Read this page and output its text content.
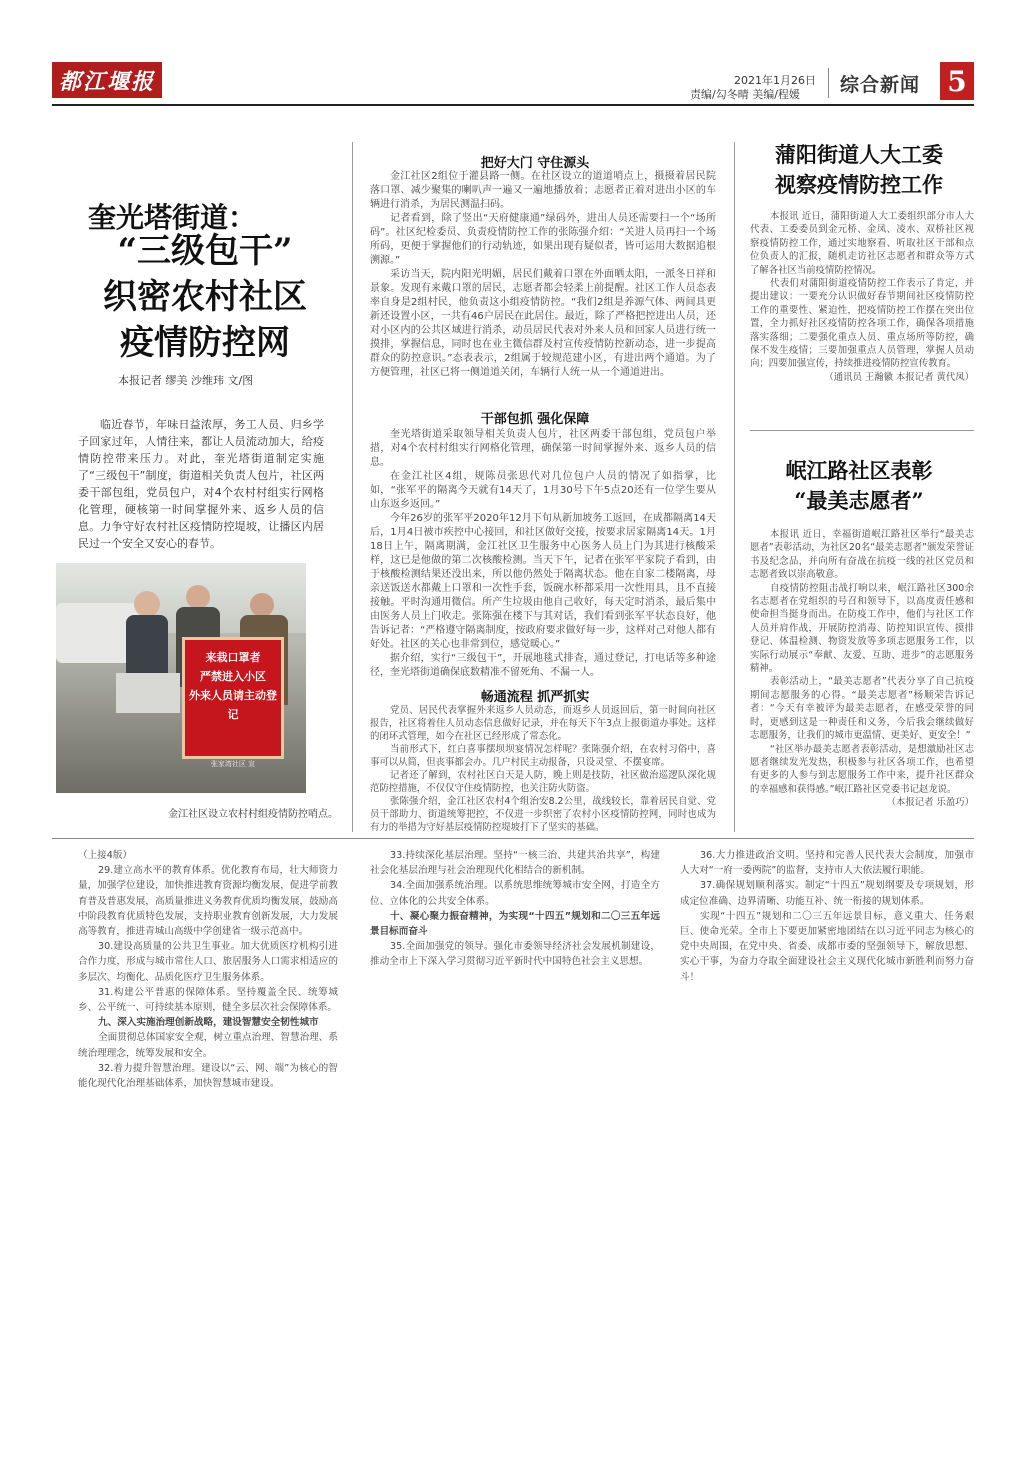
都江堰报	2021年1月26日
责编/勾冬晴 美编/程媛 综合新闻 5
奎光塔街道：
“三级包干”
织密农村社区
疫情防控网
本报记者 缪美 沙维玮 文/图
临近春节，年味日益浓厚，务工人员、归乡学子回家过年，人情往来，都让人员流动加大，给疫情防控带来压力。对此，奎光塔街道制定实施了“三级包干”制度，街道相关负责人包片，社区两委干部包组，党员包户，对4个农村村组实行网格化管理，硬核第一时间掌握外来、返乡人员的信息。力争守好农村社区疫情防控堤坡，让播区内居民过一个安全又安心的春节。
来栽口罩者
严禁进入小区
外来人员请主动登记
张家湾社区 宣
金江社区设立农村村组疫情防控哨点。
把好大门 守住源头

金江社区2组位于灌县路一侧。在社区设立的道道哨点上，摄摄着居民院落口罩、减少聚集的喇叭声一遍又一遍地播放着；志愿者正着对进出小区的车辆进行消杀，为居民测温扫码。

记者看到，除了竖出“天府健康通”绿码外，进出人员还需要扫一个“场所码”。社区纪检委员、负责疫情防控工作的张陈强介绍：“关进人员再扫一个场所码，更便于掌握他们的行动轨迹，如果出现有疑似者，皆可运用大数据追根溯源。”

采访当天，院内阳光明媚，居民们戴着口罩在外面晒太阳，一派冬日祥和景象。发现有来戴口罩的居民，志愿者都会轻柔上前提醒。社区工作人员态表率自身是2组村民，他负责这小组疫情防控。“我们2组是养源气体、两间具更新还设置小区，一共有46户居民在此居住。最近，除了严格把控进出人员，还对小区内的公共区域进行消杀，动员居民代表对外来人员和回家人员进行统一摸排，掌握信息，同时也在业主微信群及村宣传疫情防控新动态，进一步提高群众的防控意识。”态表表示，2组属于较规范建小区，有进出两个通道。为了方便管理，社区已将一侧道道关闭，车辆行人统一从一个通道进出。

干部包抓 强化保障

奎光塔街道采取领导相关负责人包片，社区两委干部包组，党员包户举措，对4个农村村组实行网格化管理，确保第一时间掌握外来、返乡人员的信息。

在金江社区4组，规陈员张思代对几位包户人员的情况了如指掌，比如，“张军平的隔离今天就有14天了，1月30号下午5点20还有一位学生要从山东返乡返回。”

今年26岁的张军平2020年12月下旬从新加坡务工返回，在成都隔离14天后，1月4日被市疾控中心接回，和社区做好交接，按要求居家隔离14天。1月18日上午，隔离期满，金江社区卫生服务中心医务人员上门为其进行核酸采样，这已是他做的第二次核酸检测。当天下午，记者在张军平家院子看到，由于核酸检测结果还没出来，所以他仍然处于隔离状态。他在自家二楼隔离，母亲送饭送水都戴上口罩和一次性手套，饭碗水杯都采用一次性用具，且不直接接触。平时沟通用微信。所产生垃圾由他自己收好，每天定时消杀，最后集中由医务人员上门收走。张陈强在楼下与其对话，我们看到张军平状态良好，他告诉记者：“严格遵守隔离制度，按政府要求做好每一步，这样对己对他人都有好处。社区的关心也非常到位，感觉暖心。”

据介绍，实行“三级包干”，开展地毯式排查，通过登记，打电话等多种途径，奎光塔街道确保底数精准不留死角、不漏一人。

畅通流程 抓严抓实

党员、居民代表掌握外来返乡人员动态，而返乡人员返回后，第一时间向社区报告，社区将着住人员动态信息做好记录，并在每天下午3点上报街道办事处。这样的闭环式管理，如今在社区已经形成了常态化。

当前形式下，红白喜事摆坝坝宴情况怎样呢？张陈强介绍，在农村习俗中，喜事可以从简，但丧事都会办。几户村民主动报备，只设灵堂、不摆宴席。

记者还了解到，农村社区白天是人防，晚上则是技防，社区做治巡逻队深化规范防控措施，不仅仅守住疫情防控，也关注防火防盗。

张陈强介绍，金江社区农村4个组治安8.2公里，战线较长，靠着居民自觉、党员干部助力、街道统筹把控，不仅进一步织密了农村小区疫情防控网，同时也成为有力的举措为守好基层疫情防控堤坡打下了坚实的基础。

蒲阳街道人大工委
视察疫情防控工作

本报讯 近日，蒲阳街道人大工委组织部分市人大代表、工委委员到金元桥、金凤、凌水、双桥社区视察疫情防控工作，通过实地察看、听取社区干部和点位负责人的汇报，随机走访社区志愿者和群众等方式了解各社区当前疫情防控情况。

代表们对蒲阳街道疫情防控工作表示了肯定，并提出建议：一要充分认识做好春节期间社区疫情防控工作的重要性、紧迫性，把疫情防控工作摆在突出位置，全力抓好社区疫情防控各项工作，确保各项措施落实落细；二要强化重点人员、重点场所等防控，确保不发生疫情；三要加强重点人员管理，掌握人员动向；四要加强宣传，持续推进疫情防控宣传教育。

（通讯员 王瀚徽 本报记者 黄代凤）

岷江路社区表彰
“最美志愿者”

本报讯 近日，幸福街道岷江路社区举行“最美志愿者”表彰活动，为社区20名“最美志愿者”颁发荣誉证书及纪念品，并向所有奋战在抗疫一线的社区党员和志愿者致以崇高敬意。

自疫情防控阻击战打响以来，岷江路社区300余名志愿者在党组织的号召和领导下，以高度责任感和使命担当挺身而出。在防疫工作中，他们与社区工作人员并肩作战，开展防控消毒、防控知识宣传、摸排登记、体温检测、物资发放等多项志愿服务工作，以实际行动展示“奉献、友爱、互助、进步”的志愿服务精神。

表彰活动上，“最美志愿者”代表分享了自己抗疫期间志愿服务的心得。“最美志愿者”杨顺荣告诉记者：“今天有幸被评为最美志愿者，在感受荣誉的同时，更感到这是一种责任和义务，今后我会继续做好志愿服务，让我们的城市更温情、更美好、更安全！”

“社区举办最美志愿者表彰活动，是想激励社区志愿者继续发光发热，积极参与社区各项工作，也希望有更多的人参与到志愿服务工作中来，提升社区群众的幸福感和获得感。”岷江路社区党委书记赵龙说。

（本报记者 乐盈巧）

（上接4版）

29.建立高水平的教育体系。优化教育布局，壮大师资力量，加强学位建设，加快推进教育资源均衡发展，促进学前教育普及普惠发展，高质量推进义务教育优质均衡发展，鼓励高中阶段教育优质特色发展，支持职业教育创新发展，大力发展高等教育，推进青城山高级中学创建省一级示范高中。

30.建设高质量的公共卫生事业。加大优质医疗机构引进合作力度，形成与城市常住人口、旅居服务人口需求相适应的多层次、均衡化、品质化医疗卫生服务体系。

31.构建公平普惠的保障体系。坚持覆盖全民、统筹城乡、公平统一、可持续基本原则，健全多层次社会保障体系。

九、深入实施治理创新战略，建设智慧安全韧性城市

全面贯彻总体国家安全观，树立重点治理、智慧治理、系统治理理念，统筹发展和安全。

32.着力提升智慧治理。建设以“云、网、端”为核心的智能化现代化治理基础体系，加快智慧城市建设。

33.持续深化基层治理。坚持“一核三治、共建共治共享”，构建社会化基层治理与社会治理现代化相结合的新机制。

34.全面加强系统治理。以系统思维统筹城市安全网，打造全方位、立体化的公共安全体系。

十、凝心聚力振奋精神，为实现“十四五”规划和二〇三五年远景目标而奋斗

35.全面加强党的领导。强化市委领导经济社会发展机制建设，推动全市上下深入学习贯彻习近平新时代中国特色社会主义思想。

36.大力推进政治文明。坚持和完善人民代表大会制度，加强市人大对“一府一委两院”的监督，支持市人大依法履行职能。

37.确保规划顺利落实。制定“十四五”规划纲要及专项规划，形成定位准确、边界清晰、功能互补、统一衔接的规划体系。

实现“十四五”规划和二〇三五年远景目标，意义重大、任务艰巨、使命光荣。全市上下要更加紧密地团结在以习近平同志为核心的党中央周围，在党中央、省委、成都市委的坚强领导下，解放思想、实心干事，为奋力夺取全面建设社会主义现代化城市新胜利而努力奋斗！
